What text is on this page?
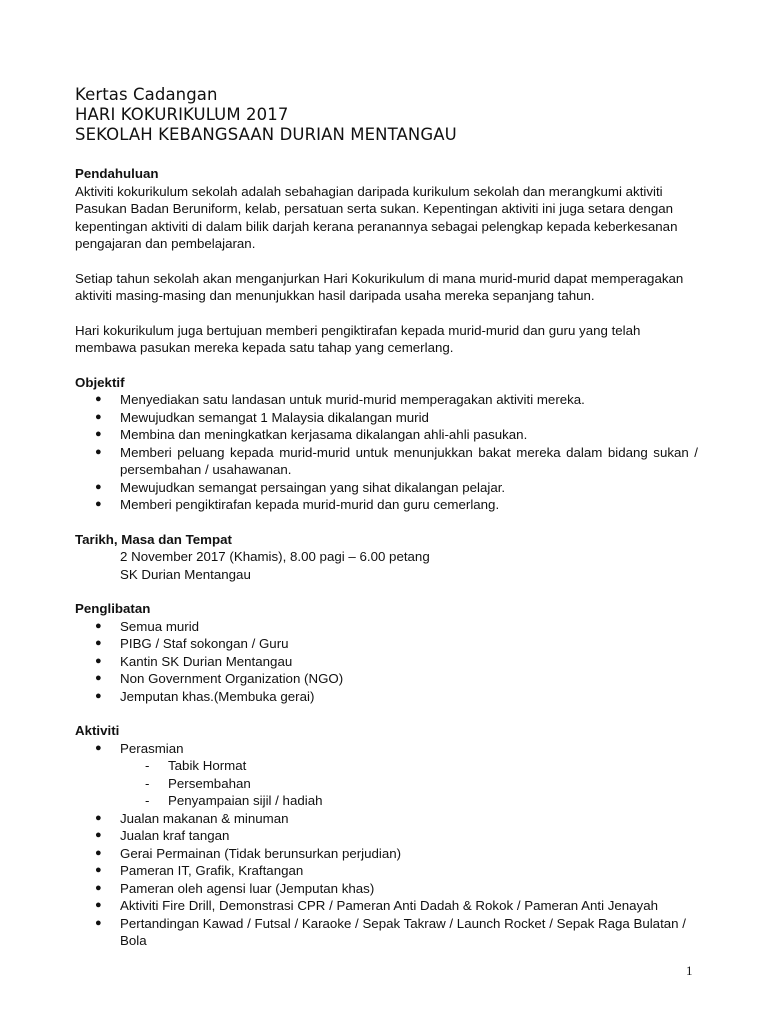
Kertas Cadangan
HARI KOKURIKULUM 2017
SEKOLAH KEBANGSAAN DURIAN MENTANGAU
Pendahuluan

Aktiviti kokurikulum sekolah adalah sebahagian daripada kurikulum sekolah dan merangkumi aktiviti Pasukan Badan Beruniform, kelab, persatuan serta sukan. Kepentingan aktiviti ini juga setara dengan kepentingan aktiviti di dalam bilik darjah kerana peranannya sebagai pelengkap kepada keberkesanan pengajaran dan pembelajaran.

Setiap tahun sekolah akan menganjurkan Hari Kokurikulum di mana murid-murid dapat memperagakan aktiviti masing-masing dan menunjukkan hasil daripada usaha mereka sepanjang tahun.

Hari kokurikulum juga bertujuan memberi pengiktirafan kepada murid-murid dan guru yang telah membawa pasukan mereka kepada satu tahap yang cemerlang.

Objektif
● Menyediakan satu landasan untuk murid-murid memperagakan aktiviti mereka.
● Mewujudkan semangat 1 Malaysia dikalangan murid
● Membina dan meningkatkan kerjasama dikalangan ahli-ahli pasukan.
● Memberi peluang kepada murid-murid untuk menunjukkan bakat mereka dalam bidang sukan / persembahan / usahawanan.
● Mewujudkan semangat persaingan yang sihat dikalangan pelajar.
● Memberi pengiktirafan kepada murid-murid dan guru cemerlang.
Tarikh, Masa dan Tempat
2 November 2017 (Khamis), 8.00 pagi – 6.00 petang
SK Durian Mentangau
Penglibatan
● Semua murid
● PIBG / Staf sokongan / Guru
● Kantin SK Durian Mentangau
● Non Government Organization (NGO)
● Jemputan khas.(Membuka gerai)
Aktiviti
● Perasmian
- Tabik Hormat
- Persembahan
- Penyampaian sijil / hadiah
● Jualan makanan & minuman
● Jualan kraf tangan
● Gerai Permainan (Tidak berunsurkan perjudian)
● Pameran IT, Grafik, Kraftangan
● Pameran oleh agensi luar (Jemputan khas)
● Aktiviti Fire Drill, Demonstrasi CPR / Pameran Anti Dadah & Rokok / Pameran Anti Jenayah
● Pertandingan Kawad / Futsal / Karaoke / Sepak Takraw / Launch Rocket / Sepak Raga Bulatan / Bola
1
